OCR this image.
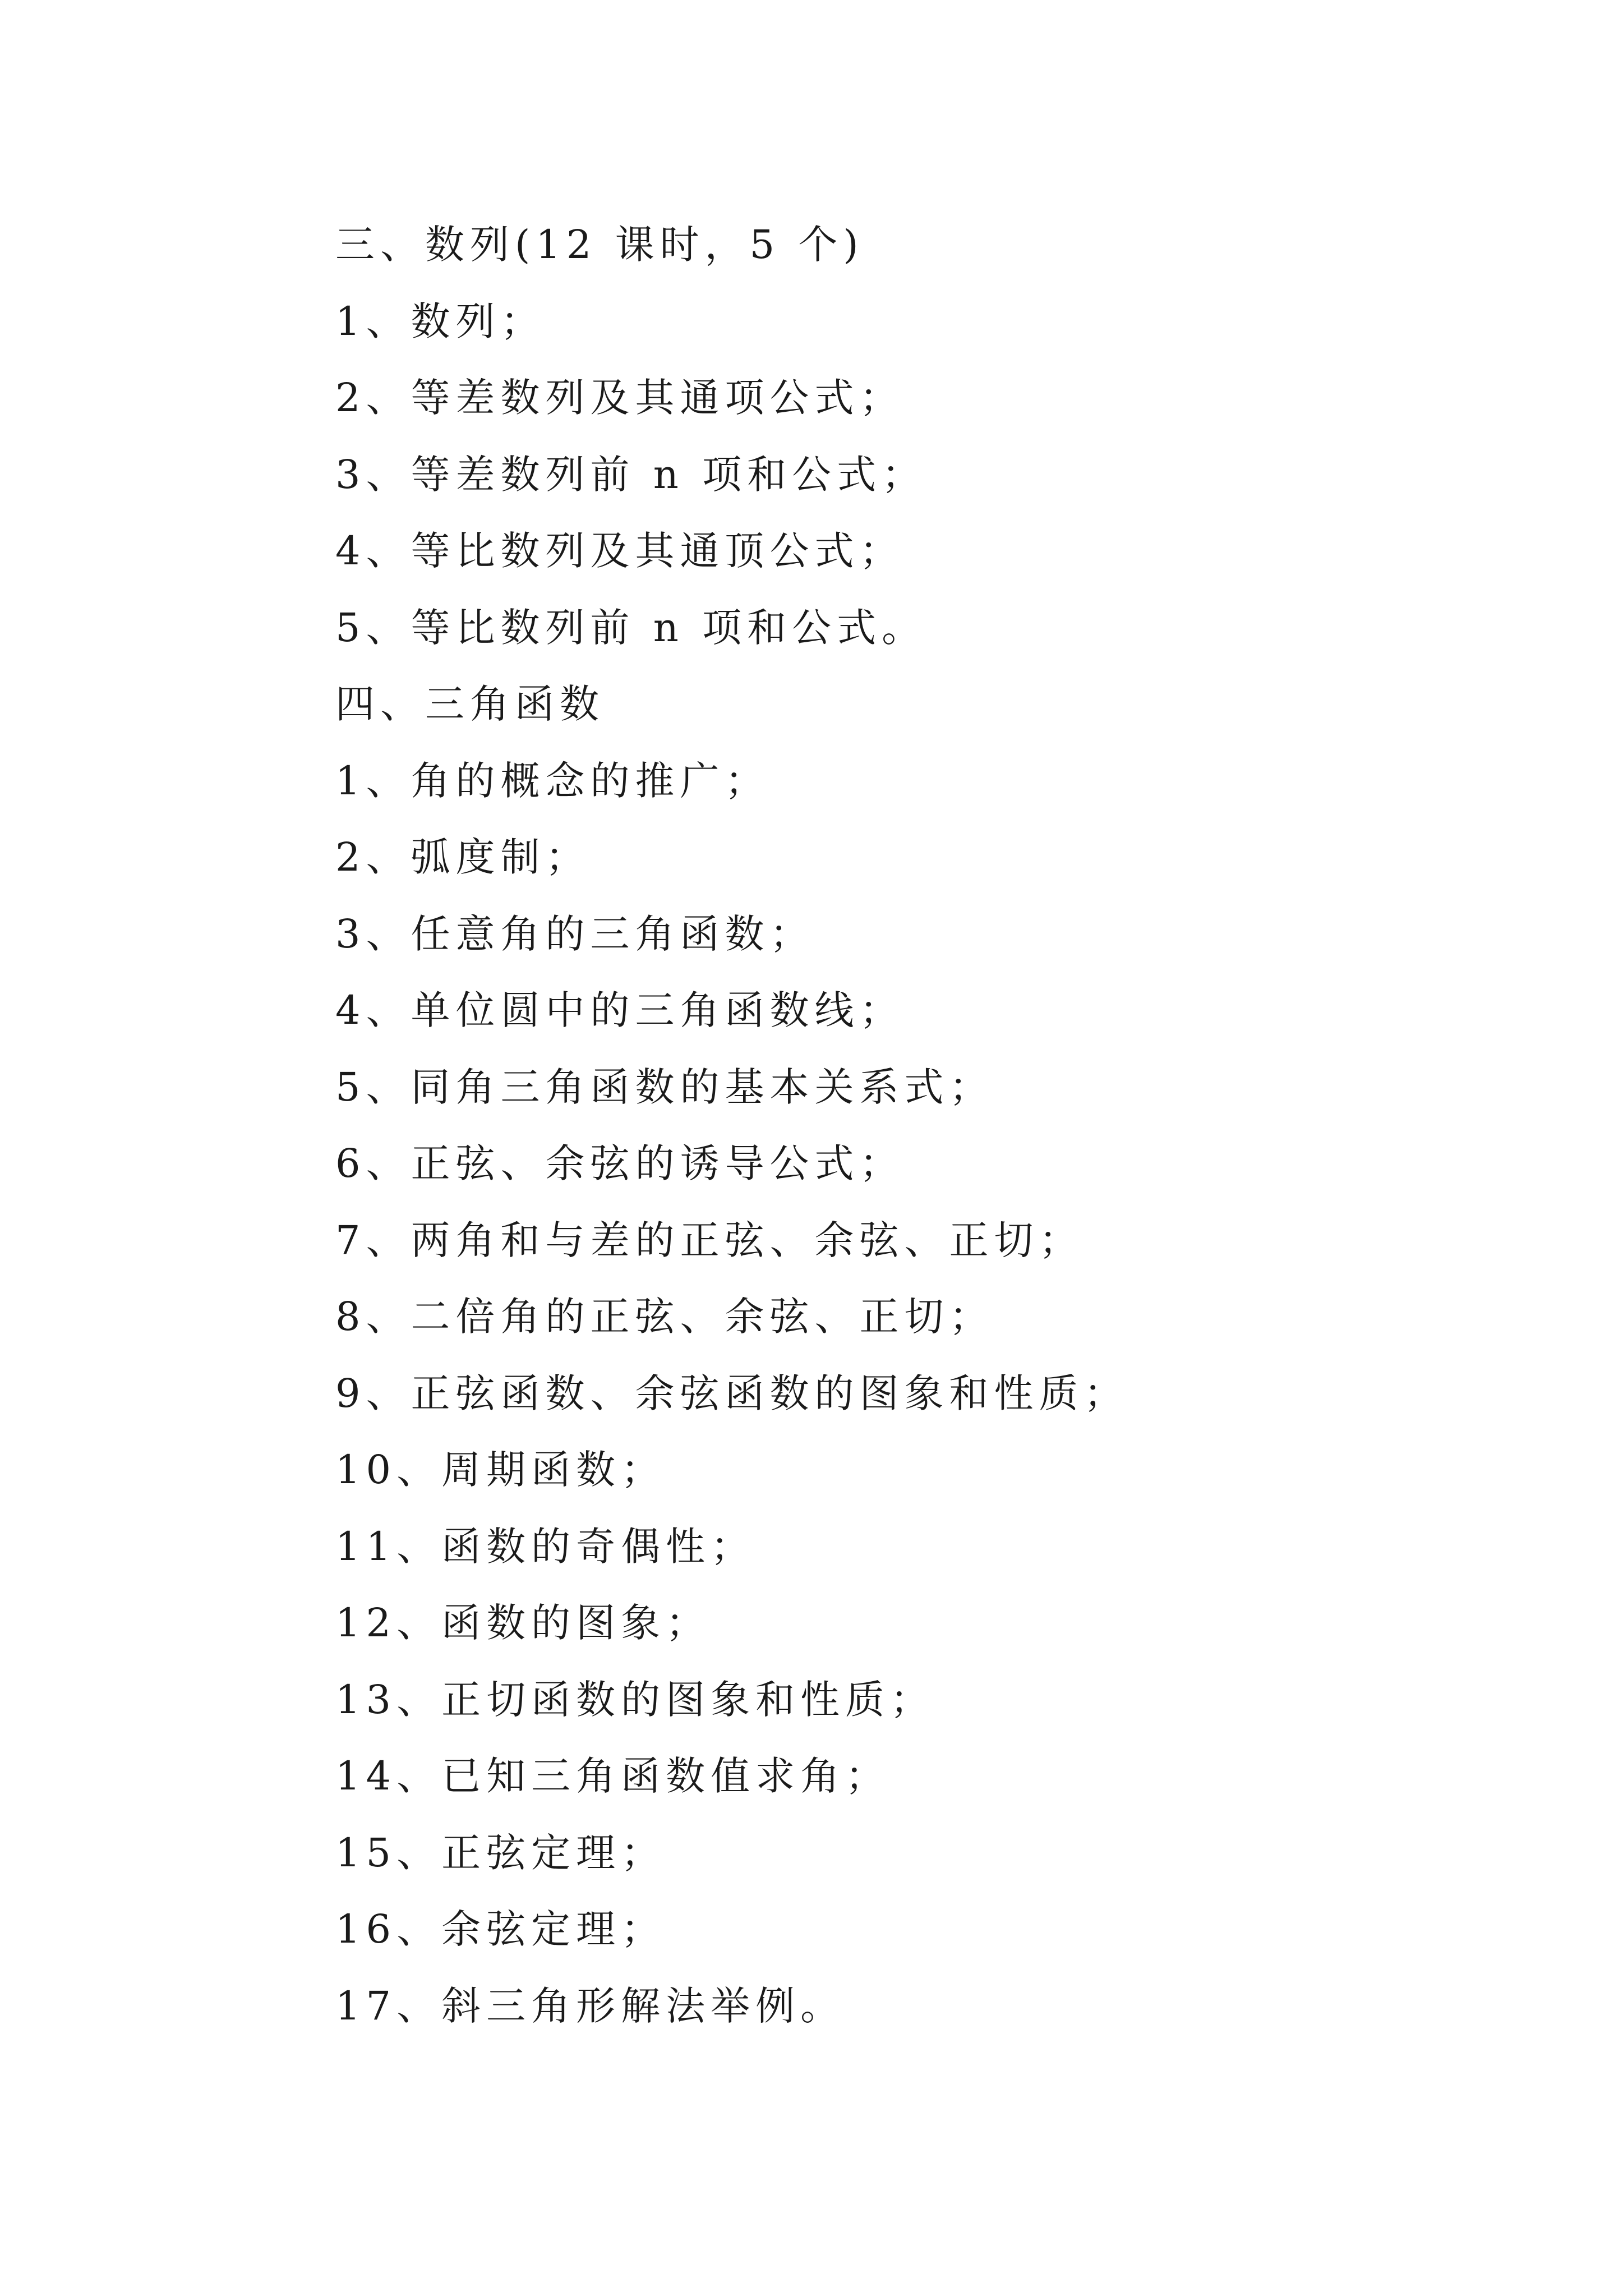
三、数列(12 课时，5 个)
1、数列；
2、等差数列及其通项公式；
3、等差数列前 n 项和公式；
4、等比数列及其通顶公式；
5、等比数列前 n 项和公式。
四、三角函数
1、角的概念的推广；
2、弧度制；
3、任意角的三角函数；
4、单位圆中的三角函数线；
5、同角三角函数的基本关系式；
6、正弦、余弦的诱导公式；
7、两角和与差的正弦、余弦、正切；
8、二倍角的正弦、余弦、正切；
9、正弦函数、余弦函数的图象和性质；
10、周期函数；
11、函数的奇偶性；
12、函数的图象；
13、正切函数的图象和性质；
14、已知三角函数值求角；
15、正弦定理；
16、余弦定理；
17、斜三角形解法举例。
